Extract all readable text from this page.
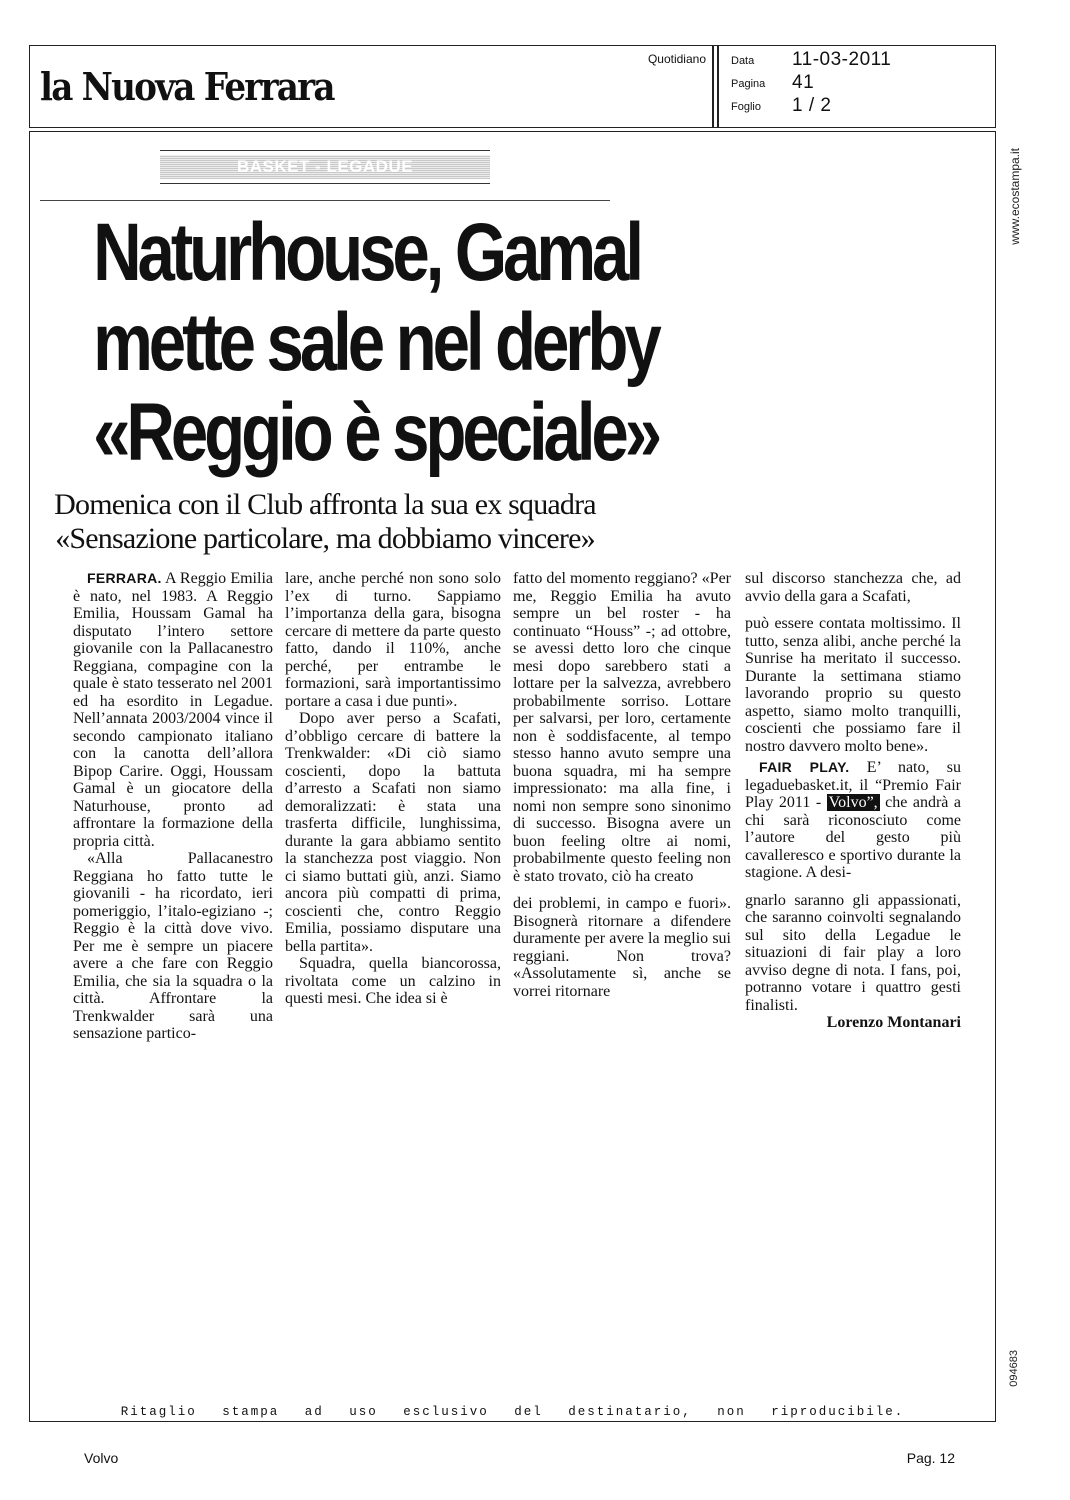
la Nuova Ferrara
Quotidiano Data 11-03-2011
Pagina 41
Foglio 1 / 2
www.ecostampa.it
094683
BASKET - LEGADUE
Naturhouse, Gamal
mette sale nel derby
«Reggio è speciale»
Domenica con il Club affronta la sua ex squadra
«Sensazione particolare, ma dobbiamo vincere»

FERRARA. A Reggio Emilia è nato, nel 1983. A Reggio Emilia, Houssam Gamal ha disputato l’intero settore giovanile con la Pallacanestro Reggiana, compagine con la quale è stato tesserato nel 2001 ed ha esordito in Legadue. Nell’annata 2003/2004 vince il secondo campionato italiano con la canotta dell’allora Bipop Carire. Oggi, Houssam Gamal è un giocatore della Naturhouse, pronto ad affrontare la formazione della propria città.

«Alla Pallacanestro Reggiana ho fatto tutte le giovanili - ha ricordato, ieri pomeriggio, l’italo-egiziano -; Reggio è la città dove vivo. Per me è sempre un piacere avere a che fare con Reggio Emilia, che sia la squadra o la città. Affrontare la Trenkwalder sarà una sensazione partico-

lare, anche perché non sono solo l’ex di turno. Sappiamo l’importanza della gara, bisogna cercare di mettere da parte questo fatto, dando il 110%, anche perché, per entrambe le formazioni, sarà importantissimo portare a casa i due punti».

Dopo aver perso a Scafati, d’obbligo cercare di battere la Trenkwalder: «Di ciò siamo coscienti, dopo la battuta d’arresto a Scafati non siamo demoralizzati: è stata una trasferta difficile, lunghissima, durante la gara abbiamo sentito la stanchezza post viaggio. Non ci siamo buttati giù, anzi. Siamo ancora più compatti di prima, coscienti che, contro Reggio Emilia, possiamo disputare una bella partita».

Squadra, quella biancorossa, rivoltata come un calzino in questi mesi. Che idea si è

fatto del momento reggiano? «Per me, Reggio Emilia ha avuto sempre un bel roster - ha continuato “Houss” -; ad ottobre, se avessi detto loro che cinque mesi dopo sarebbero stati a lottare per la salvezza, avrebbero probabilmente sorriso. Lottare per salvarsi, per loro, certamente non è soddisfacente, al tempo stesso hanno avuto sempre una buona squadra, mi ha sempre impressionato: ma alla fine, i nomi non sempre sono sinonimo di successo. Bisogna avere un buon feeling oltre ai nomi, probabilmente questo feeling non è stato trovato, ciò ha creato

dei problemi, in campo e fuori». Bisognerà ritornare a difendere duramente per avere la meglio sui reggiani. Non trova? «Assolutamente sì, anche se vorrei ritornare

sul discorso stanchezza che, ad avvio della gara a Scafati,

può essere contata moltissimo. Il tutto, senza alibi, anche perché la Sunrise ha meritato il successo. Durante la settimana stiamo lavorando proprio su questo aspetto, siamo molto tranquilli, coscienti che possiamo fare il nostro davvero molto bene».

FAIR PLAY. E’ nato, su legaduebasket.it, il “Premio Fair Play 2011 - Volvo”, che andrà a chi sarà riconosciuto come l’autore del gesto più cavalleresco e sportivo durante la stagione. A desi-

gnarlo saranno gli appassionati, che saranno coinvolti segnalando sul sito della Legadue le situazioni di fair play a loro avviso degne di nota. I fans, poi, potranno votare i quattro gesti finalisti.

Lorenzo Montanari

Ritaglio stampa ad uso esclusivo del destinatario, non riproducibile.
Volvo	Pag. 12
